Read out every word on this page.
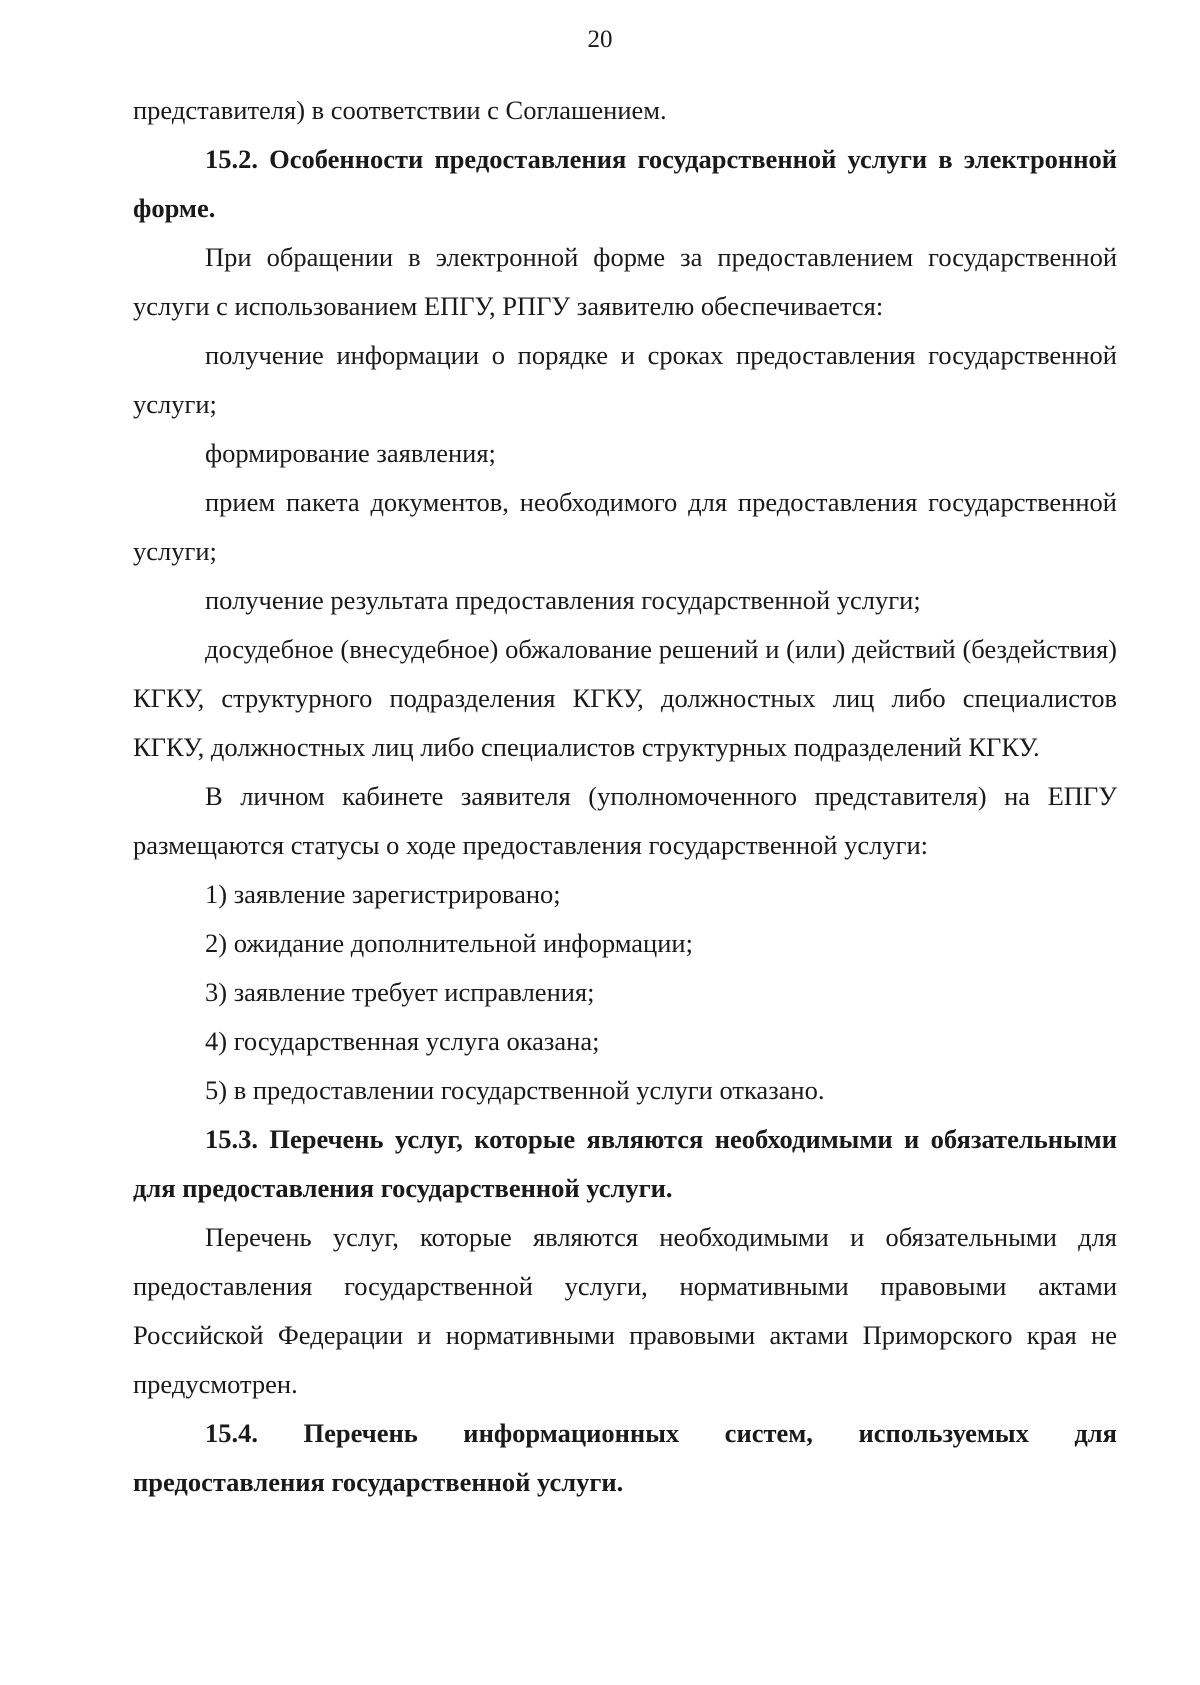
20

представителя) в соответствии с Соглашением.

15.2. Особенности предоставления государственной услуги в электронной форме.

При обращении в электронной форме за предоставлением государственной услуги с использованием ЕПГУ, РПГУ заявителю обеспечивается:

получение информации о порядке и сроках предоставления государственной услуги;

формирование заявления;

прием пакета документов, необходимого для предоставления государственной услуги;

получение результата предоставления государственной услуги;

досудебное (внесудебное) обжалование решений и (или) действий (бездействия) КГКУ, структурного подразделения КГКУ, должностных лиц либо специалистов КГКУ, должностных лиц либо специалистов структурных подразделений КГКУ.

В личном кабинете заявителя (уполномоченного представителя) на ЕПГУ размещаются статусы о ходе предоставления государственной услуги:

1) заявление зарегистрировано;

2) ожидание дополнительной информации;

3) заявление требует исправления;

4) государственная услуга оказана;

5) в предоставлении государственной услуги отказано.

15.3. Перечень услуг, которые являются необходимыми и обязательными для предоставления государственной услуги.

Перечень услуг, которые являются необходимыми и обязательными для предоставления государственной услуги, нормативными правовыми актами Российской Федерации и нормативными правовыми актами Приморского края не предусмотрен.

15.4. Перечень информационных систем, используемых для предоставления государственной услуги.
